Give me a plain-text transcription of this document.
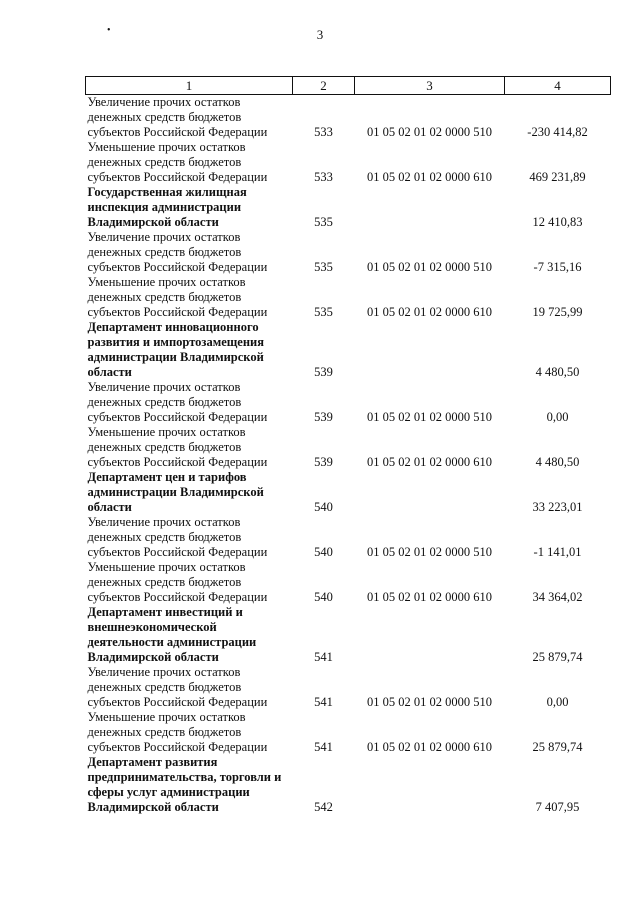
3
•
1	2	3	4
Увеличение прочих остатков денежных средств бюджетов субъектов Российской Федерации	533	01 05 02 01 02 0000 510	-230 414,82
Уменьшение прочих остатков денежных средств бюджетов субъектов Российской Федерации	533	01 05 02 01 02 0000 610	469 231,89
Государственная жилищная инспекция администрации Владимирской области	535		12 410,83
Увеличение прочих остатков денежных средств бюджетов субъектов Российской Федерации	535	01 05 02 01 02 0000 510	-7 315,16
Уменьшение прочих остатков денежных средств бюджетов субъектов Российской Федерации	535	01 05 02 01 02 0000 610	19 725,99
Департамент инновационного развития и импортозамещения администрации Владимирской области	539		4 480,50
Увеличение прочих остатков денежных средств бюджетов субъектов Российской Федерации	539	01 05 02 01 02 0000 510	0,00
Уменьшение прочих остатков денежных средств бюджетов субъектов Российской Федерации	539	01 05 02 01 02 0000 610	4 480,50
Департамент цен и тарифов администрации Владимирской области	540		33 223,01
Увеличение прочих остатков денежных средств бюджетов субъектов Российской Федерации	540	01 05 02 01 02 0000 510	-1 141,01
Уменьшение прочих остатков денежных средств бюджетов субъектов Российской Федерации	540	01 05 02 01 02 0000 610	34 364,02
Департамент инвестиций и внешнеэкономической деятельности администрации Владимирской области	541		25 879,74
Увеличение прочих остатков денежных средств бюджетов субъектов Российской Федерации	541	01 05 02 01 02 0000 510	0,00
Уменьшение прочих остатков денежных средств бюджетов субъектов Российской Федерации	541	01 05 02 01 02 0000 610	25 879,74
Департамент развития предпринимательства, торговли и сферы услуг администрации Владимирской области	542		7 407,95
